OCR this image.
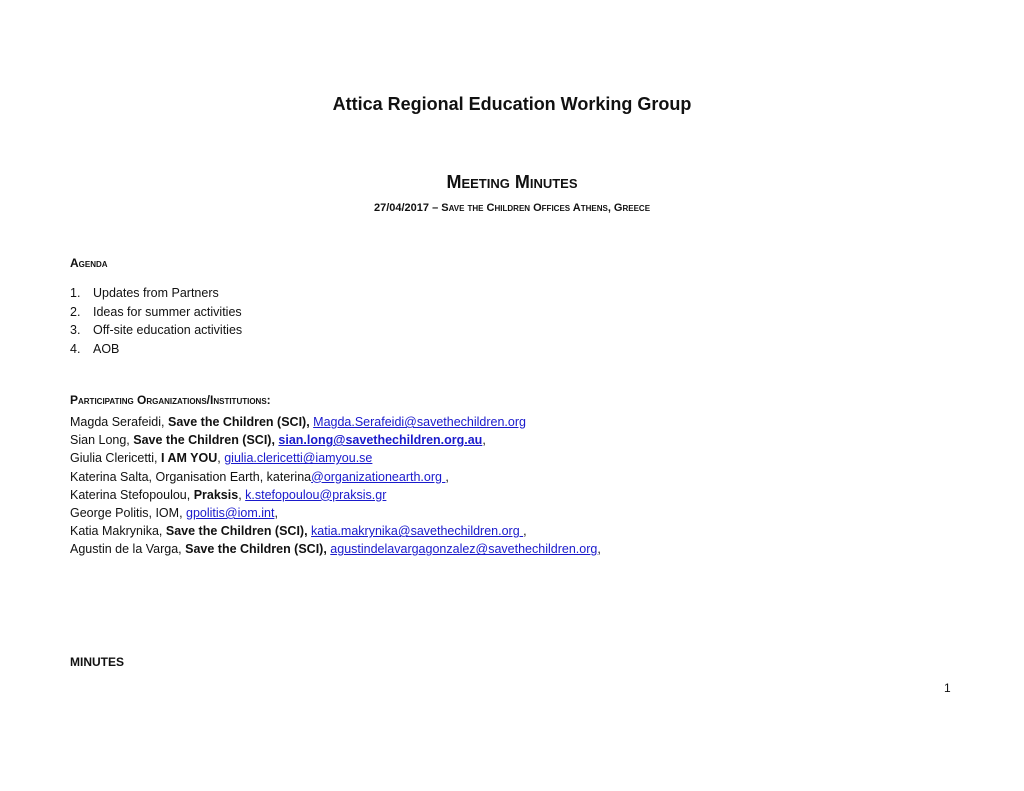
Attica Regional Education Working Group
Meeting Minutes
27/04/2017 – Save the Children Offices Athens, Greece
Agenda
1. Updates from Partners
2. Ideas for summer activities
3. Off-site education activities
4. AOB
Participating Organizations/Institutions:
Magda Serafeidi, Save the Children (SCI), Magda.Serafeidi@savethechildren.org
Sian Long, Save the Children (SCI), sian.long@savethechildren.org.au,
Giulia Clericetti, I AM YOU, giulia.clericetti@iamyou.se
Katerina Salta, Organisation Earth, katerina@organizationearth.org ,
Katerina Stefopoulou, Praksis, k.stefopoulou@praksis.gr
George Politis, IOM, gpolitis@iom.int,
Katia Makrynika, Save the Children (SCI), katia.makrynika@savethechildren.org ,
Agustin de la Varga, Save the Children (SCI), agustindelavargagonzalez@savethechildren.org,
MINUTES
1
